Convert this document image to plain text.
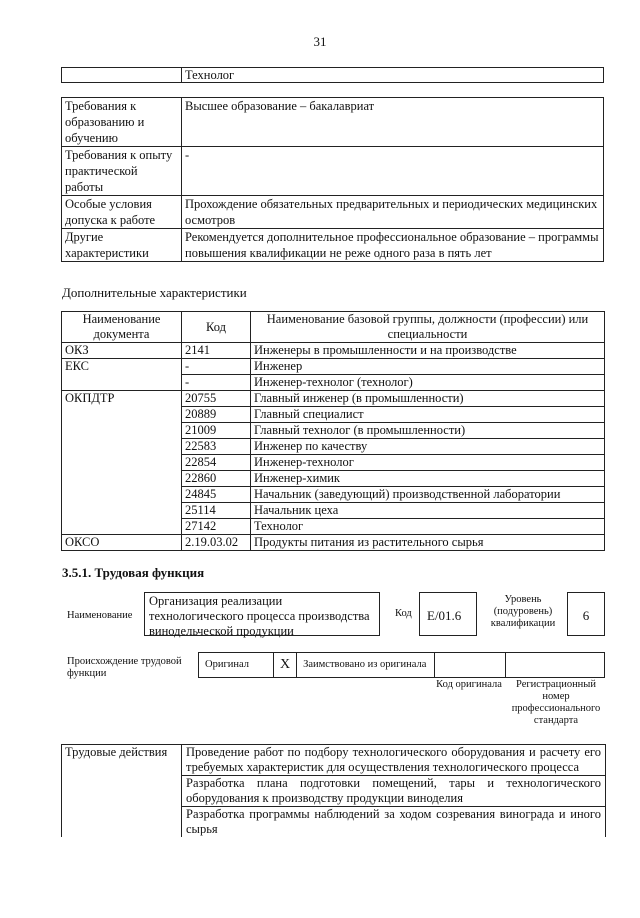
31
	Технолог
Требования к образованию и обучению	Высшее образование – бакалавриат
Требования к опыту практической работы	-
Особые условия допуска к работе	Прохождение обязательных предварительных и периодических медицинских осмотров
Другие характеристики	Рекомендуется дополнительное профессиональное образование – программы повышения квалификации не реже одного раза в пять лет
Дополнительные характеристики
Наименование документа	Код	Наименование базовой группы, должности (профессии) или специальности
ОКЗ	2141	Инженеры в промышленности и на производстве
ЕКС	-	Инженер
	-	Инженер-технолог (технолог)
ОКПДТР	20755	Главный инженер (в промышленности)
	20889	Главный специалист
	21009	Главный технолог (в промышленности)
	22583	Инженер по качеству
	22854	Инженер-технолог
	22860	Инженер-химик
	24845	Начальник (заведующий) производственной лаборатории
	25114	Начальник цеха
	27142	Технолог
ОКСО	2.19.03.02	Продукты питания из растительного сырья
3.5.1. Трудовая функция
Наименование
Организация реализации технологического процесса производства винодельческой продукции
Код	E/01.6
Уровень (подуровень) квалификации
6
Происхождение трудовой функции
Оригинал	X	Заимствовано из оригинала		
Код оригинала	Регистрационный номер профессионального стандарта
Трудовые действия	Проведение работ по подбору технологического оборудования и расчету его требуемых характеристик для осуществления технологического процесса
Разработка плана подготовки помещений, тары и технологического оборудования к производству продукции виноделия
Разработка программы наблюдений за ходом созревания винограда и иного сырья
